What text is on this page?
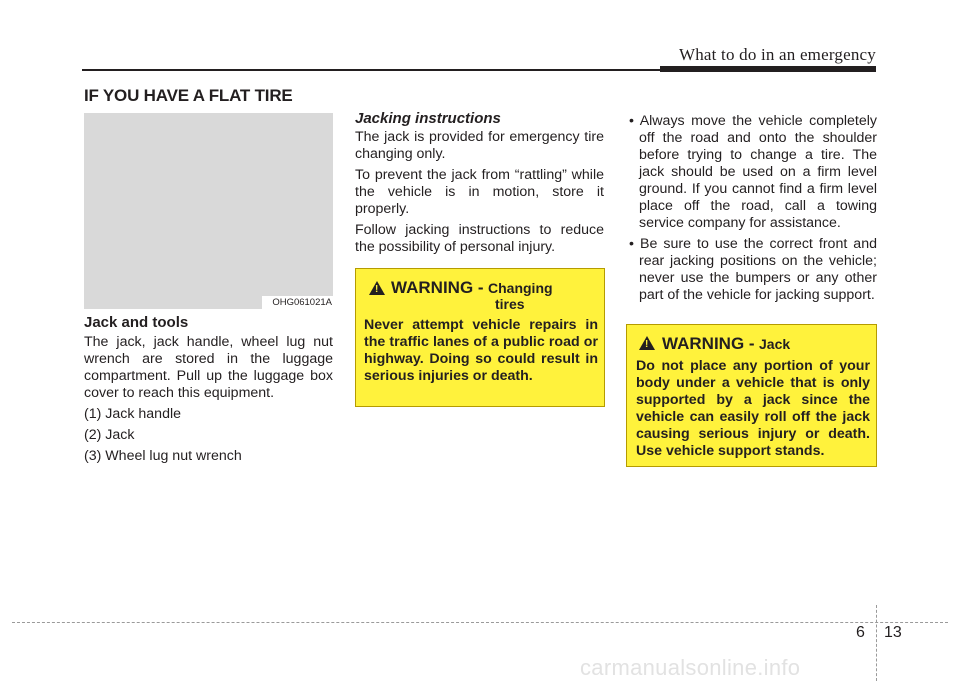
What to do in an emergency
IF YOU HAVE A FLAT TIRE
OHG061021A
Jack and tools

The jack, jack handle, wheel lug nut wrench are stored in the luggage compartment. Pull up the luggage box cover to reach this equipment.

(1) Jack handle

(2) Jack

(3) Wheel lug nut wrench

Jacking instructions

The jack is provided for emergency tire changing only.

To prevent the jack from “rattling” while the vehicle is in motion, store it properly.

Follow jacking instructions to reduce the possibility of personal injury.

! WARNING - Changing
tires
Never attempt vehicle repairs in the traffic lanes of a public road or highway. Doing so could result in serious injuries or death.

• Always move the vehicle completely off the road and onto the shoulder before trying to change a tire. The jack should be used on a firm level ground. If you cannot find a firm level place off the road, call a towing service company for assistance.

• Be sure to use the correct front and rear jacking positions on the vehicle; never use the bumpers or any other part of the vehicle for jacking support.

! WARNING - Jack
Do not place any portion of your body under a vehicle that is only supported by a jack since the vehicle can easily roll off the jack causing serious injury or death. Use vehicle support stands.
6 13
carmanualsonline.info
